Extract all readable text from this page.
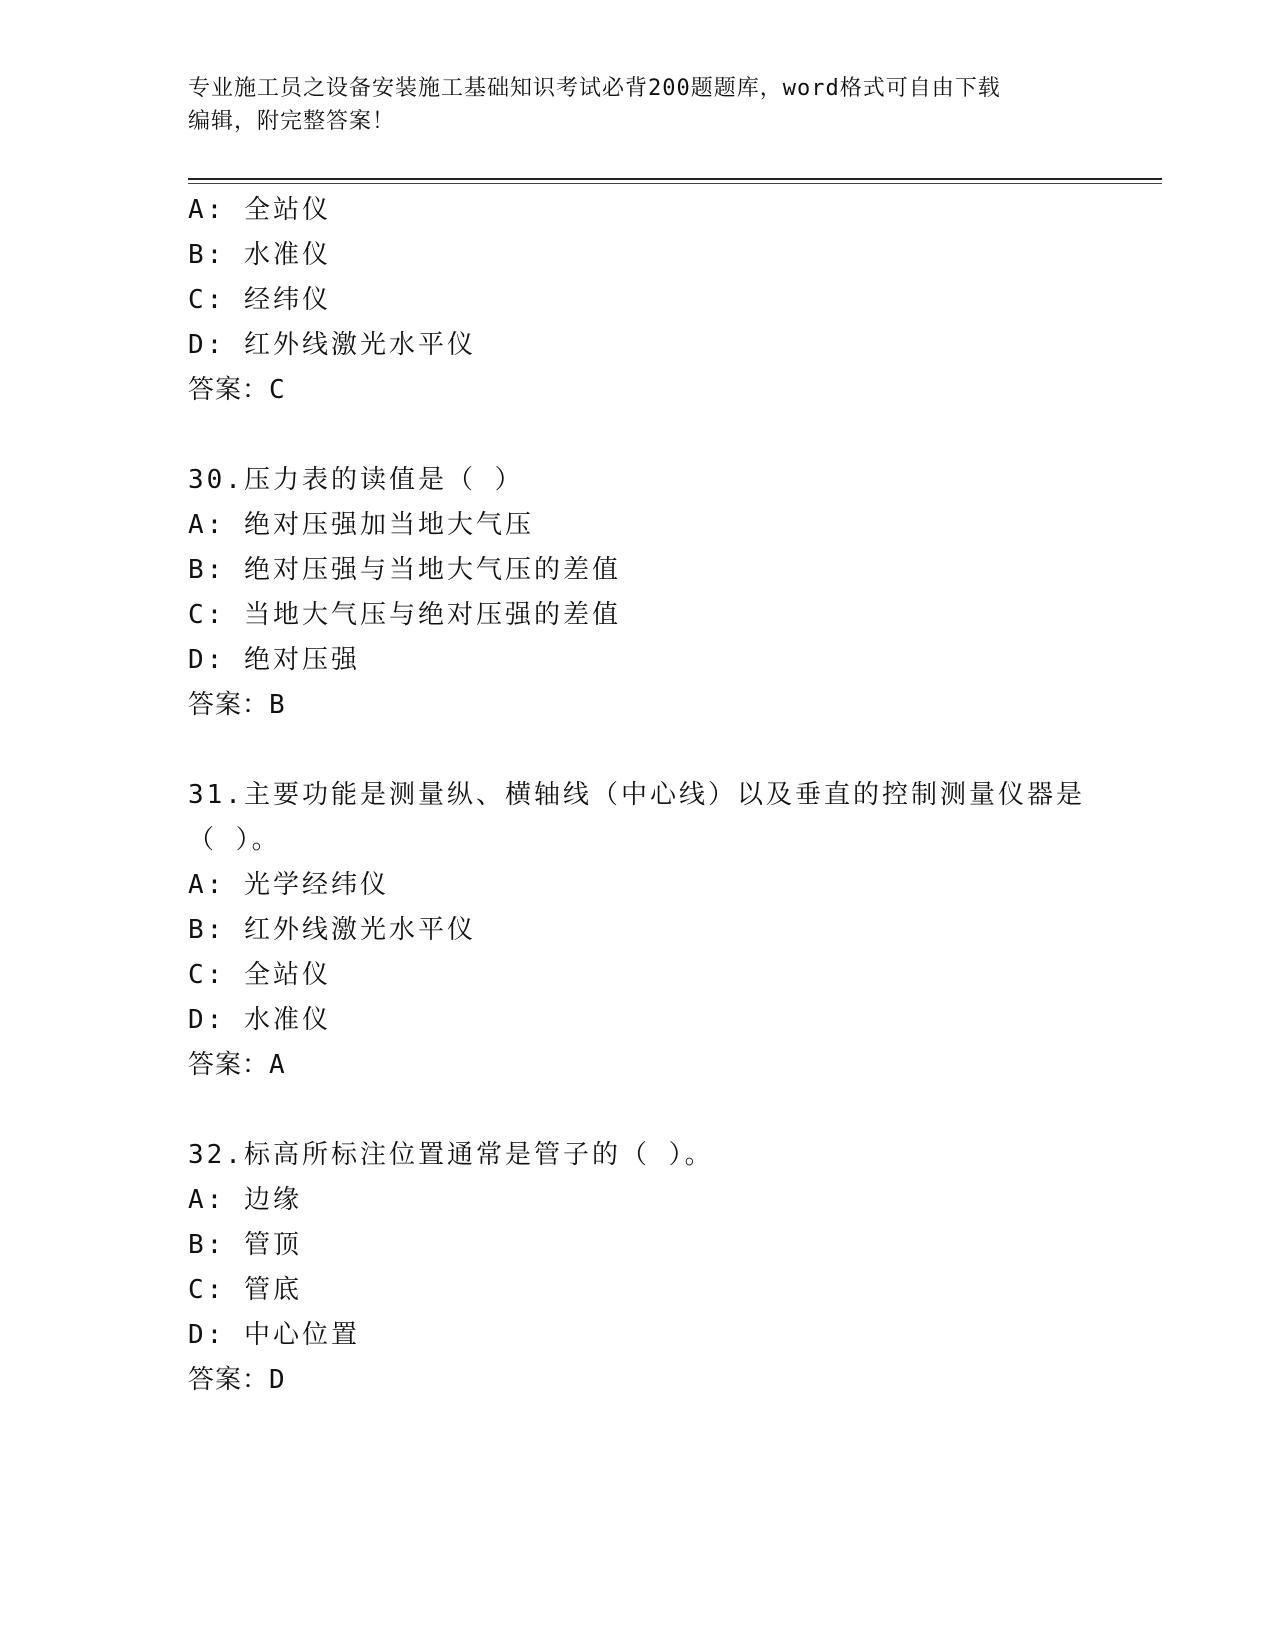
专业施工员之设备安装施工基础知识考试必背200题题库，word格式可自由下载
编辑，附完整答案！
A: 全站仪
B: 水准仪
C: 经纬仪
D: 红外线激光水平仪
答案：C
30.压力表的读值是（ ）
A: 绝对压强加当地大气压
B: 绝对压强与当地大气压的差值
C: 当地大气压与绝对压强的差值
D: 绝对压强
答案：B
31.主要功能是测量纵、横轴线（中心线）以及垂直的控制测量仪器是
（ ）。
A: 光学经纬仪
B: 红外线激光水平仪
C: 全站仪
D: 水准仪
答案：A
32.标高所标注位置通常是管子的（ ）。
A: 边缘
B: 管顶
C: 管底
D: 中心位置
答案：D
